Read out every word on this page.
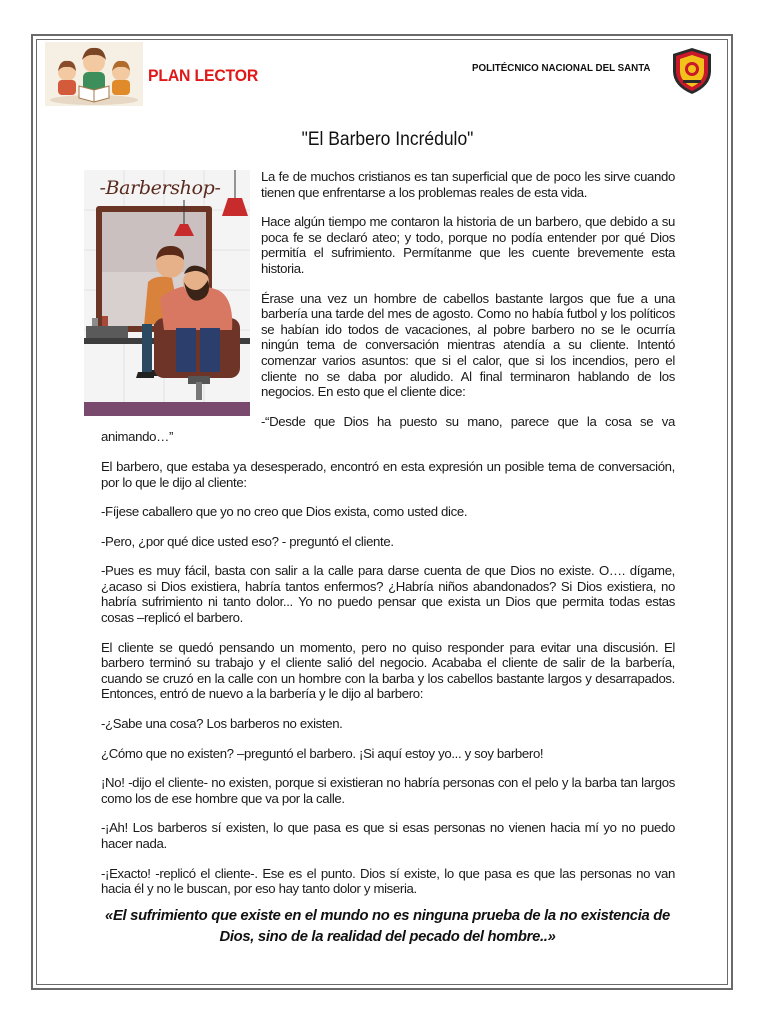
PLAN LECTOR	POLITÉCNICO NACIONAL DEL SANTA
"El Barbero Incrédulo"
-Barbershop-

La fe de muchos cristianos es tan superficial que de poco les sirve cuando tienen que enfrentarse a los problemas reales de esta vida.

Hace algún tiempo me contaron la historia de un barbero, que debido a su poca fe se declaró ateo; y todo, porque no podía entender por qué Dios permitía el sufrimiento. Permítanme que les cuente brevemente esta historia.

Érase una vez un hombre de cabellos bastante largos que fue a una barbería una tarde del mes de agosto. Como no había futbol y los políticos se habían ido todos de vacaciones, al pobre barbero no se le ocurría ningún tema de conversación mientras atendía a su cliente. Intentó comenzar varios asuntos: que si el calor, que si los incendios, pero el cliente no se daba por aludido. Al final terminaron hablando de los negocios. En esto que el cliente dice:

-“Desde que Dios ha puesto su mano, parece que la cosa se va animando…”

El barbero, que estaba ya desesperado, encontró en esta expresión un posible tema de conversación, por lo que le dijo al cliente:

-Fíjese caballero que yo no creo que Dios exista, como usted dice.

-Pero, ¿por qué dice usted eso? - preguntó el cliente.

-Pues es muy fácil, basta con salir a la calle para darse cuenta de que Dios no existe. O…. dígame, ¿acaso si Dios existiera, habría tantos enfermos? ¿Habría niños abandonados? Si Dios existiera, no habría sufrimiento ni tanto dolor... Yo no puedo pensar que exista un Dios que permita todas estas cosas –replicó el barbero.

El cliente se quedó pensando un momento, pero no quiso responder para evitar una discusión. El barbero terminó su trabajo y el cliente salió del negocio. Acababa el cliente de salir de la barbería, cuando se cruzó en la calle con un hombre con la barba y los cabellos bastante largos y desarrapados. Entonces, entró de nuevo a la barbería y le dijo al barbero:

-¿Sabe una cosa? Los barberos no existen.

¿Cómo que no existen? –preguntó el barbero. ¡Si aquí estoy yo... y soy barbero!

¡No! -dijo el cliente- no existen, porque si existieran no habría personas con el pelo y la barba tan largos como los de ese hombre que va por la calle.

-¡Ah! Los barberos sí existen, lo que pasa es que si esas personas no vienen hacia mí yo no puedo hacer nada.

-¡Exacto! -replicó el cliente-. Ese es el punto. Dios sí existe, lo que pasa es que las personas no van hacia él y no le buscan, por eso hay tanto dolor y miseria.

«El sufrimiento que existe en el mundo no es ninguna prueba de la no existencia de Dios, sino de la realidad del pecado del hombre..»
